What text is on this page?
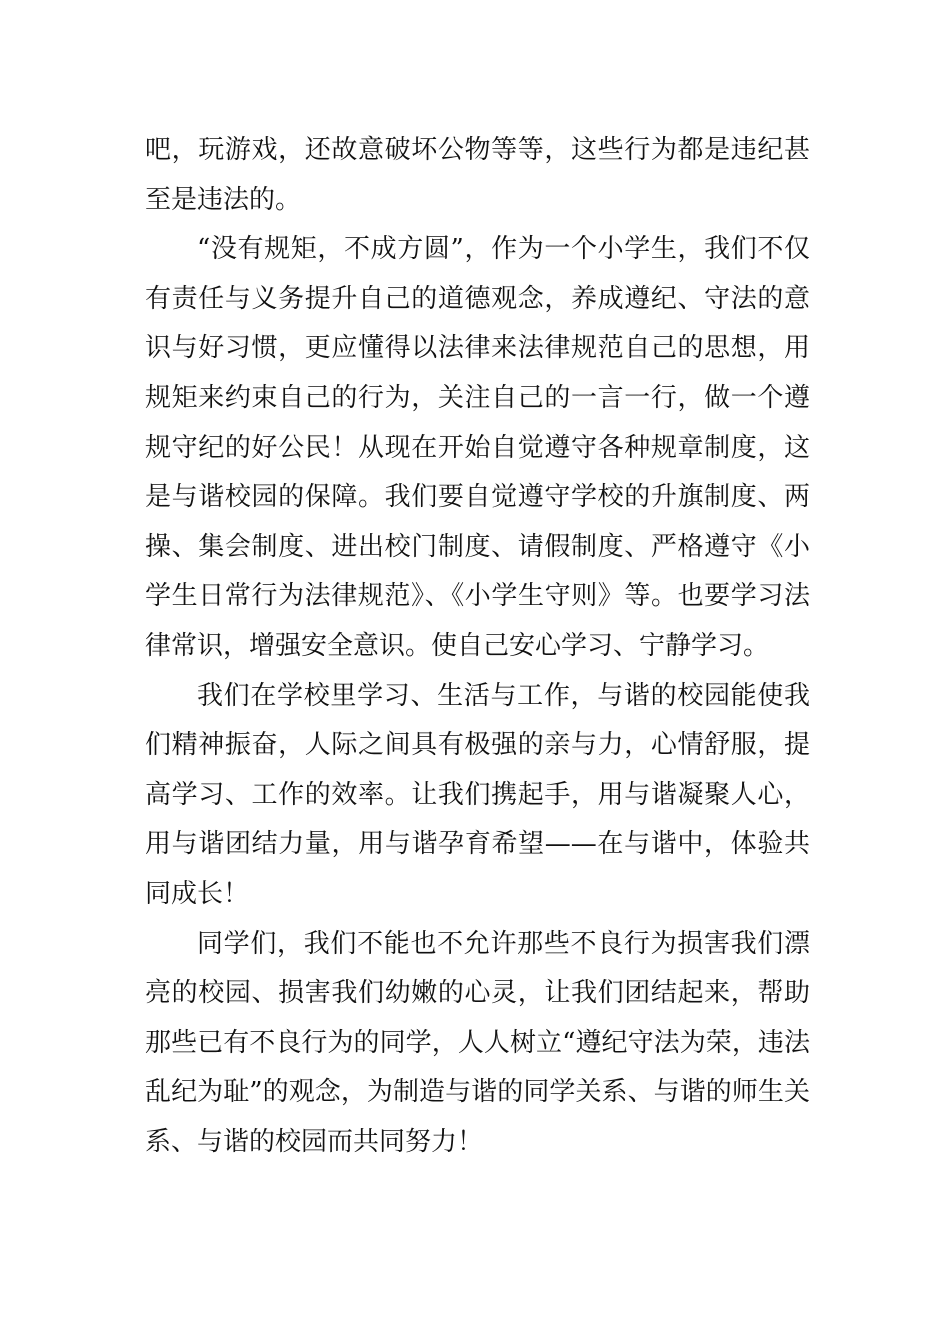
吧，玩游戏，还故意破坏公物等等，这些行为都是违纪甚至是违法的。

“没有规矩，不成方圆”，作为一个小学生，我们不仅有责任与义务提升自己的道德观念，养成遵纪、守法的意识与好习惯，更应懂得以法律来法律规范自己的思想，用规矩来约束自己的行为，关注自己的一言一行，做一个遵规守纪的好公民！从现在开始自觉遵守各种规章制度，这是与谐校园的保障。我们要自觉遵守学校的升旗制度、两操、集会制度、进出校门制度、请假制度、严格遵守《小学生日常行为法律规范》、《小学生守则》等。也要学习法律常识，增强安全意识。使自己安心学习、宁静学习。

我们在学校里学习、生活与工作，与谐的校园能使我们精神振奋，人际之间具有极强的亲与力，心情舒服，提高学习、工作的效率。让我们携起手，用与谐凝聚人心，用与谐团结力量，用与谐孕育希望——在与谐中，体验共同成长！

同学们，我们不能也不允许那些不良行为损害我们漂亮的校园、损害我们幼嫩的心灵，让我们团结起来，帮助那些已有不良行为的同学，人人树立“遵纪守法为荣，违法乱纪为耻”的观念，为制造与谐的同学关系、与谐的师生关系、与谐的校园而共同努力！
